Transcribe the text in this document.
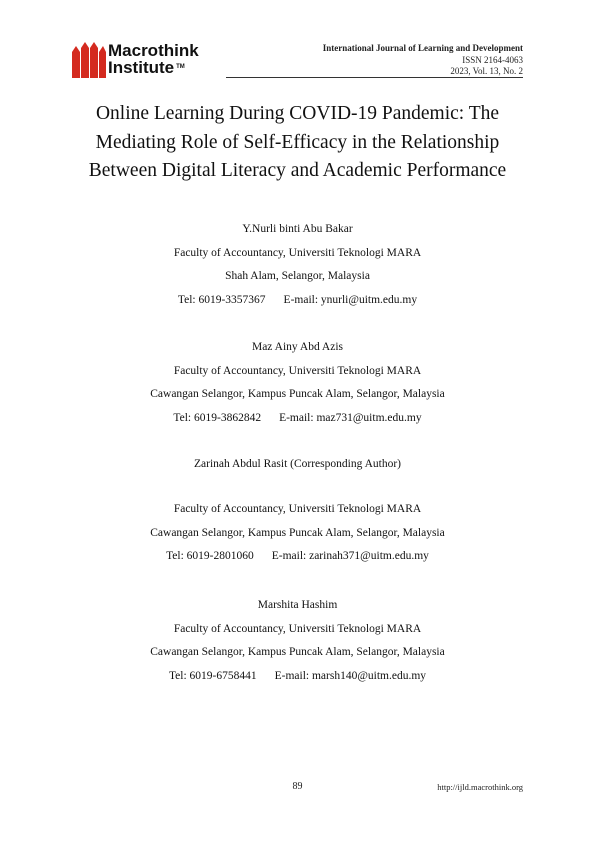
Macrothink
Institute ™
International Journal of Learning and Development
ISSN 2164-4063
2023, Vol. 13, No. 2
Online Learning During COVID-19 Pandemic: The
Mediating Role of Self-Efficacy in the Relationship
Between Digital Literacy and Academic Performance
Y.Nurli binti Abu Bakar
Faculty of Accountancy, Universiti Teknologi MARA
Shah Alam, Selangor, Malaysia
Tel: 6019-3357367 E-mail: ynurli@uitm.edu.my
Maz Ainy Abd Azis
Faculty of Accountancy, Universiti Teknologi MARA
Cawangan Selangor, Kampus Puncak Alam, Selangor, Malaysia
Tel: 6019-3862842 E-mail: maz731@uitm.edu.my
Zarinah Abdul Rasit (Corresponding Author)
Faculty of Accountancy, Universiti Teknologi MARA
Cawangan Selangor, Kampus Puncak Alam, Selangor, Malaysia
Tel: 6019-2801060 E-mail: zarinah371@uitm.edu.my
Marshita Hashim
Faculty of Accountancy, Universiti Teknologi MARA
Cawangan Selangor, Kampus Puncak Alam, Selangor, Malaysia
Tel: 6019-6758441 E-mail: marsh140@uitm.edu.my
89	http://ijld.macrothink.org
